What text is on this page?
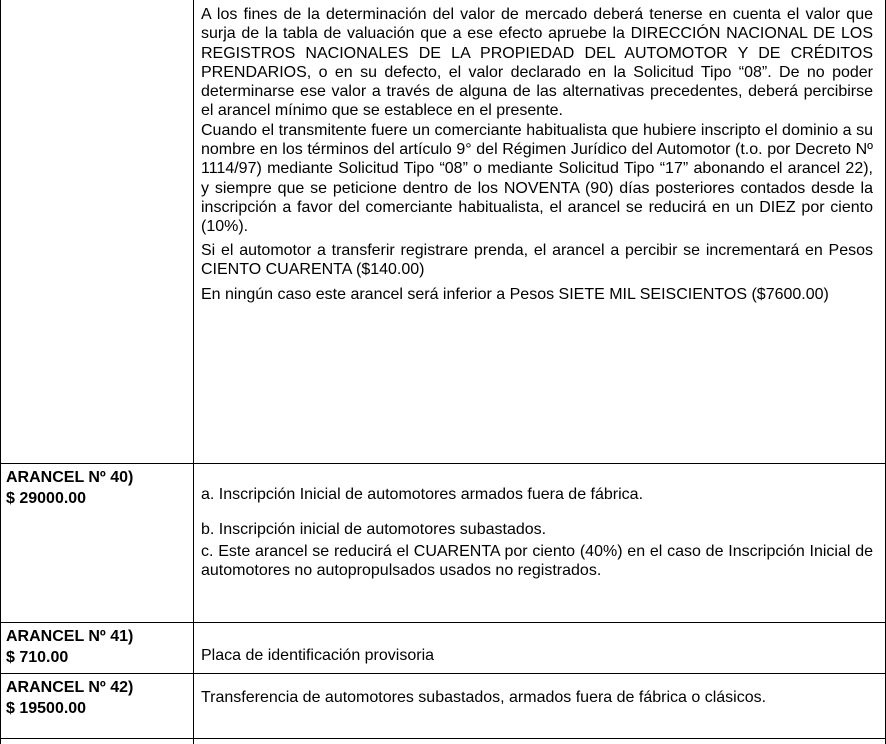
A los fines de la determinación del valor de mercado deberá tenerse en cuenta el valor que surja de la tabla de valuación que a ese efecto apruebe la DIRECCIÓN NACIONAL DE LOS REGISTROS NACIONALES DE LA PROPIEDAD DEL AUTOMOTOR Y DE CRÉDITOS PRENDARIOS, o en su defecto, el valor declarado en la Solicitud Tipo “08”. De no poder determinarse ese valor a través de alguna de las alternativas precedentes, deberá percibirse el arancel mínimo que se establece en el presente.

Cuando el transmitente fuere un comerciante habitualista que hubiere inscripto el dominio a su nombre en los términos del artículo 9° del Régimen Jurídico del Automotor (t.o. por Decreto Nº 1114/97) mediante Solicitud Tipo “08” o mediante Solicitud Tipo “17” abonando el arancel 22), y siempre que se peticione dentro de los NOVENTA (90) días posteriores contados desde la inscripción a favor del comerciante habitualista, el arancel se reducirá en un DIEZ por ciento (10%).

Si el automotor a transferir registrare prenda, el arancel a percibir se incrementará en Pesos CIENTO CUARENTA ($140.00)

En ningún caso este arancel será inferior a Pesos SIETE MIL SEISCIENTOS ($7600.00)

ARANCEL Nº 40)
$ 29000.00	a. Inscripción Inicial de automotores armados fuera de fábrica.

b. Inscripción inicial de automotores subastados.

c. Este arancel se reducirá el CUARENTA por ciento (40%) en el caso de Inscripción Inicial de automotores no autopropulsados usados no registrados.

ARANCEL Nº 41)
$ 710.00	Placa de identificación provisoria
ARANCEL Nº 42)
$ 19500.00
Transferencia de automotores subastados, armados fuera de fábrica o clásicos.
